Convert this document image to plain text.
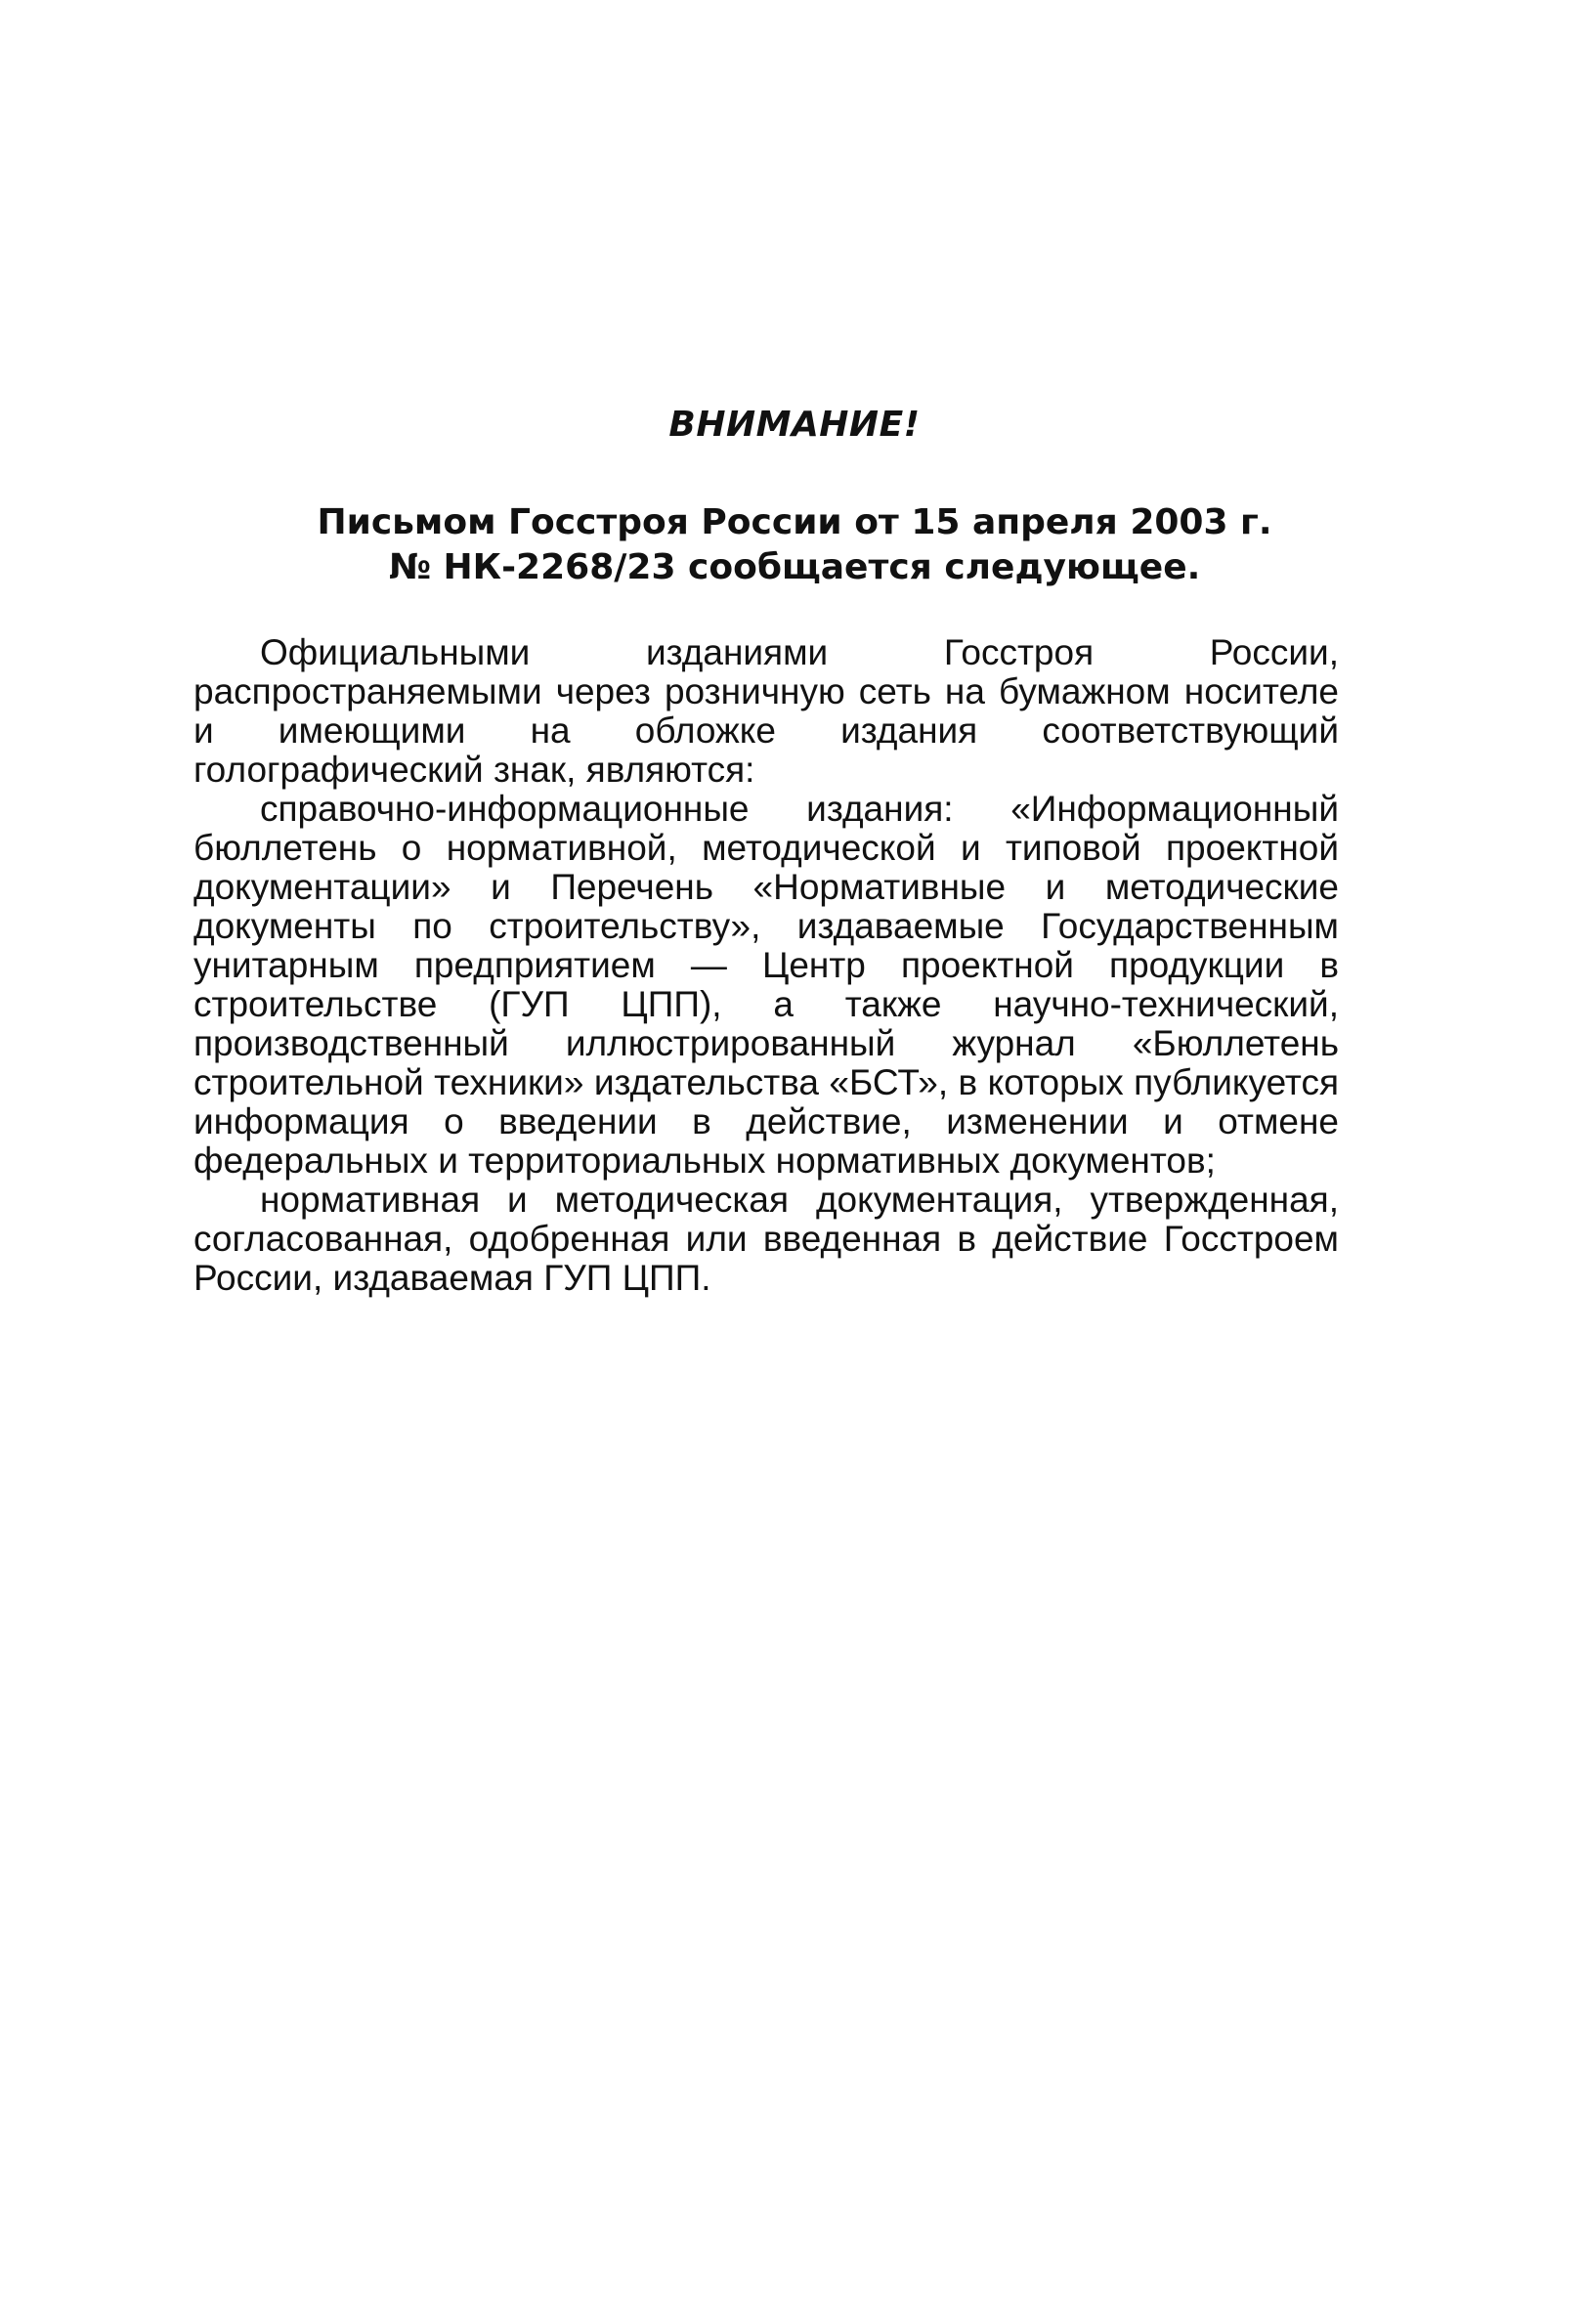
ВНИМАНИЕ!
Письмом Госстроя России от 15 апреля 2003 г.
№ НК-2268/23 сообщается следующее.

Официальными изданиями Госстроя России, распространяемыми через розничную сеть на бумажном носителе и имеющими на обложке издания соответствующий голографический знак, являются:

справочно-информационные издания: «Информационный бюллетень о нормативной, методической и типовой проектной документации» и Перечень «Нормативные и методические документы по строительству», издаваемые Государственным унитарным предприятием — Центр проектной продукции в строительстве (ГУП ЦПП), а также научно-технический, производственный иллюстрированный журнал «Бюллетень строительной техники» издательства «БСТ», в которых публикуется информация о введении в действие, изменении и отмене федеральных и территориальных нормативных документов;

нормативная и методическая документация, утвержденная, согласованная, одобренная или введенная в действие Госстроем России, издаваемая ГУП ЦПП.
